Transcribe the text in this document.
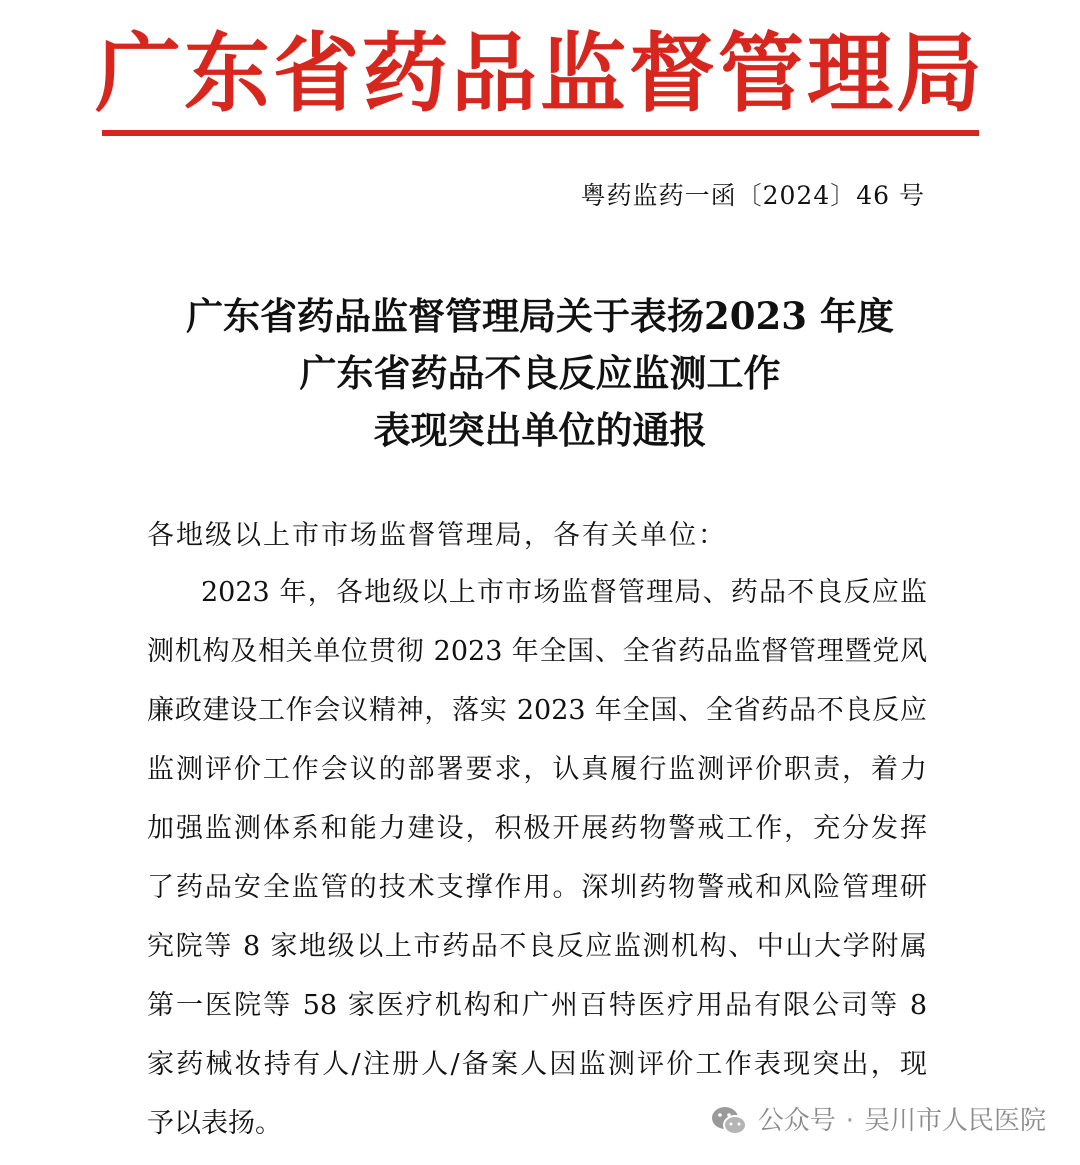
广东省药品监督管理局
粤药监药一函〔2024〕46 号
广东省药品监督管理局关于表扬2023 年度
广东省药品不良反应监测工作
表现突出单位的通报
各地级以上市市场监督管理局，各有关单位：
2023 年，各地级以上市市场监督管理局、药品不良反应监
测机构及相关单位贯彻 2023 年全国、全省药品监督管理暨党风
廉政建设工作会议精神，落实 2023 年全国、全省药品不良反应
监测评价工作会议的部署要求，认真履行监测评价职责，着力
加强监测体系和能力建设，积极开展药物警戒工作，充分发挥
了药品安全监管的技术支撑作用。深圳药物警戒和风险管理研
究院等 8 家地级以上市药品不良反应监测机构、中山大学附属
第一医院等 58 家医疗机构和广州百特医疗用品有限公司等 8
家药械妆持有人/注册人/备案人因监测评价工作表现突出，现
予以表扬。	公众号 · 吴川市人民医院
